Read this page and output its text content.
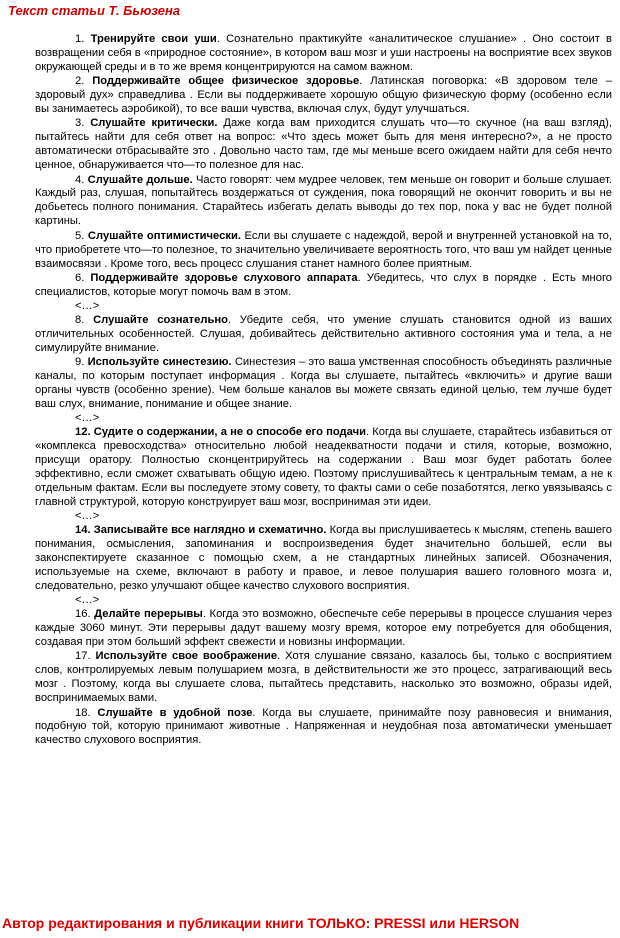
Текст статьи Т. Бьюзена

1. Тренируйте свои уши. Сознательно практикуйте «аналитическое слушание» . Оно состоит в возвращении себя в «природное состояние», в котором ваш мозг и уши настроены на восприятие всех звуков окружающей среды и в то же время концентрируются на самом важном.

2. Поддерживайте общее физическое здоровье. Латинская поговорка: «В здоровом теле – здоровый дух» справедлива . Если вы поддерживаете хорошую общую физическую форму (особенно если вы занимаетесь аэробикой), то все ваши чувства, включая слух, будут улучшаться.

3. Слушайте критически. Даже когда вам приходится слушать что—то скучное (на ваш взгляд), пытайтесь найти для себя ответ на вопрос: «Что здесь может быть для меня интересно?», а не просто автоматически отбрасывайте это . Довольно часто там, где мы меньше всего ожидаем найти для себя нечто ценное, обнаруживается что—то полезное для нас.

4. Слушайте дольше. Часто говорят: чем мудрее человек, тем меньше он говорит и больше слушает. Каждый раз, слушая, попытайтесь воздержаться от суждения, пока говорящий не окончит говорить и вы не добьетесь полного понимания. Старайтесь избегать делать выводы до тех пор, пока у вас не будет полной картины.

5. Слушайте оптимистически. Если вы слушаете с надеждой, верой и внутренней установкой на то, что приобретете что—то полезное, то значительно увеличиваете вероятность того, что ваш ум найдет ценные взаимосвязи . Кроме того, весь процесс слушания станет намного более приятным.

6. Поддерживайте здоровье слухового аппарата. Убедитесь, что слух в порядке . Есть много специалистов, которые могут помочь вам в этом.

<…>

8. Слушайте сознательно. Убедите себя, что умение слушать становится одной из ваших отличительных особенностей. Слушая, добивайтесь действительно активного состояния ума и тела, а не симулируйте внимание.

9. Используйте синестезию. Синестезия – это ваша умственная способность объединять различные каналы, по которым поступает информация . Когда вы слушаете, пытайтесь «включить» и другие ваши органы чувств (особенно зрение). Чем больше каналов вы можете связать единой целью, тем лучше будет ваш слух, внимание, понимание и общее знание.

<…>

12. Судите о содержании, а не о способе его подачи. Когда вы слушаете, старайтесь избавиться от «комплекса превосходства» относительно любой неадекватности подачи и стиля, которые, возможно, присущи оратору. Полностью сконцентрируйтесь на содержании . Ваш мозг будет работать более эффективно, если сможет схватывать общую идею. Поэтому прислушивайтесь к центральным темам, а не к отдельным фактам. Если вы последуете этому совету, то факты сами о себе позаботятся, легко увязываясь с главной структурой, которую конструирует ваш мозг, воспринимая эти идеи.

<…>

14. Записывайте все наглядно и схематично. Когда вы прислушиваетесь к мыслям, степень вашего понимания, осмысления, запоминания и воспроизведения будет значительно большей, если вы законспектируете сказанное с помощью схем, а не стандартных линейных записей. Обозначения, используемые на схеме, включают в работу и правое, и левое полушария вашего головного мозга и, следовательно, резко улучшают общее качество слухового восприятия.

<…>

16. Делайте перерывы. Когда это возможно, обеспечьте себе перерывы в процессе слушания через каждые 3060 минут. Эти перерывы дадут вашему мозгу время, которое ему потребуется для обобщения, создавая при этом больший эффект свежести и новизны информации.

17. Используйте свое воображение. Хотя слушание связано, казалось бы, только с восприятием слов, контролируемых левым полушарием мозга, в действительности же это процесс, затрагивающий весь мозг . Поэтому, когда вы слушаете слова, пытайтесь представить, насколько это возможно, образы идей, воспринимаемых вами.

18. Слушайте в удобной позе. Когда вы слушаете, принимайте позу равновесия и внимания, подобную той, которую принимают животные . Напряженная и неудобная поза автоматически уменьшает качество слухового восприятия.

Автор редактирования и публикации книги ТОЛЬКО: PRESSI или HERSON
